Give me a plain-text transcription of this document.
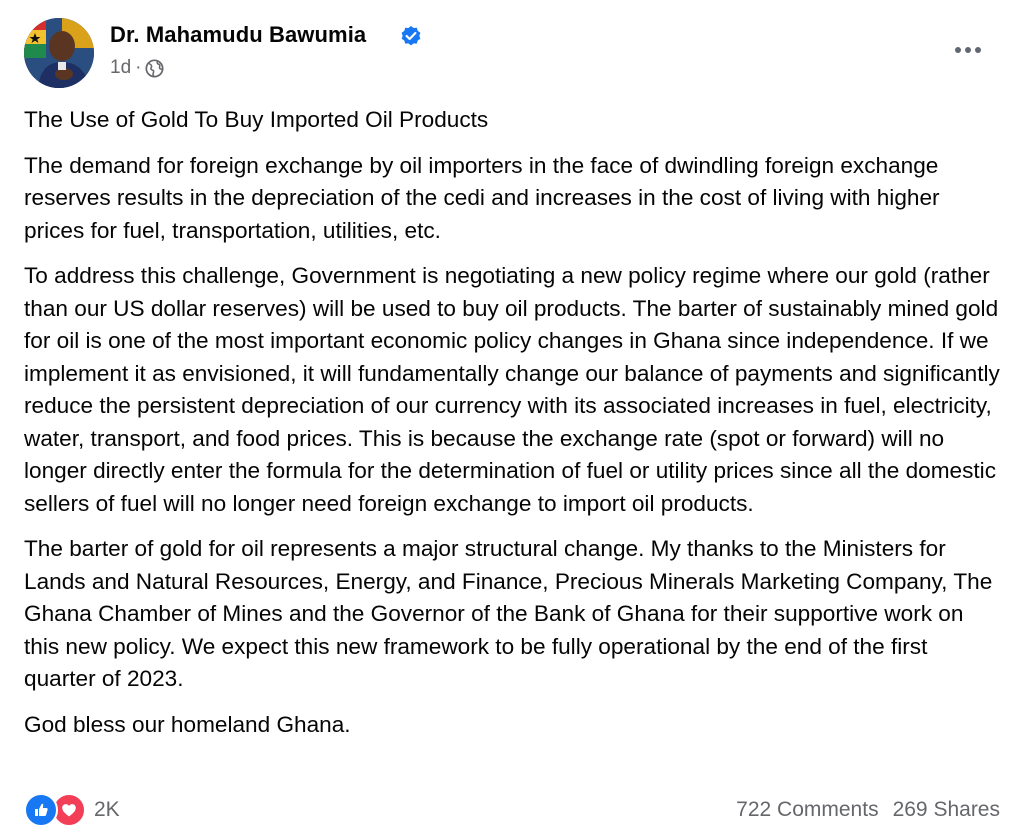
Dr. Mahamudu Bawumia
1d ·

The Use of Gold To Buy Imported Oil Products

The demand for foreign exchange by oil importers in the face of dwindling foreign exchange reserves results in the depreciation of the cedi and increases in the cost of living with higher prices for fuel, transportation, utilities, etc.

To address this challenge, Government is negotiating a new policy regime where our gold (rather than our US dollar reserves) will be used to buy oil products. The barter of sustainably mined gold for oil is one of the most important economic policy changes in Ghana since independence. If we implement it as envisioned, it will fundamentally change our balance of payments and significantly reduce the persistent depreciation of our currency with its associated increases in fuel, electricity, water, transport, and food prices. This is because the exchange rate (spot or forward) will no longer directly enter the formula for the determination of fuel or utility prices since all the domestic sellers of fuel will no longer need foreign exchange to import oil products.

The barter of gold for oil represents a major structural change. My thanks to the Ministers for Lands and Natural Resources, Energy, and Finance, Precious Minerals Marketing Company, The Ghana Chamber of Mines and the Governor of the Bank of Ghana for their supportive work on this new policy. We expect this new framework to be fully operational by the end of the first quarter of 2023.

God bless our homeland Ghana.

2K	722 Comments 269 Shares
